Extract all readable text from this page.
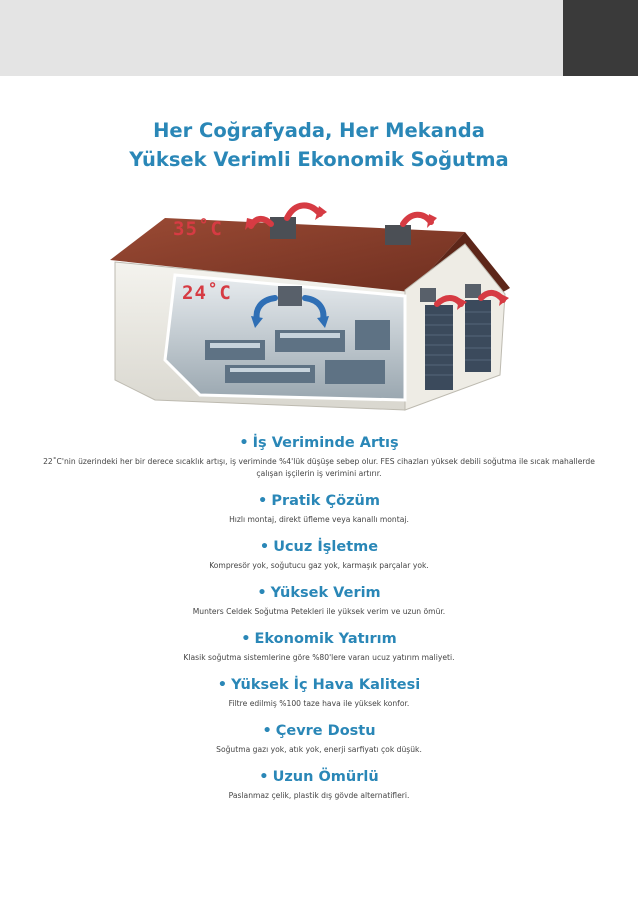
Her Coğrafyada, Her Mekanda
Yüksek Verimli Ekonomik Soğutma
35˚C
24˚C

• İş Veriminde Artış

22˚C'nin üzerindeki her bir derece sıcaklık artışı, iş veriminde %4'lük düşüşe sebep olur. FES cihazları yüksek debili soğutma ile sıcak mahallerde çalışan işçilerin iş verimini artırır.

• Pratik Çözüm

Hızlı montaj, direkt üfleme veya kanallı montaj.

• Ucuz İşletme

Kompresör yok, soğutucu gaz yok, karmaşık parçalar yok.

• Yüksek Verim

Munters Celdek Soğutma Petekleri ile yüksek verim ve uzun ömür.

• Ekonomik Yatırım

Klasik soğutma sistemlerine göre %80'lere varan ucuz yatırım maliyeti.

• Yüksek İç Hava Kalitesi

Filtre edilmiş %100 taze hava ile yüksek konfor.

• Çevre Dostu

Soğutma gazı yok, atık yok, enerji sarfiyatı çok düşük.

• Uzun Ömürlü

Paslanmaz çelik, plastik dış gövde alternatifleri.
